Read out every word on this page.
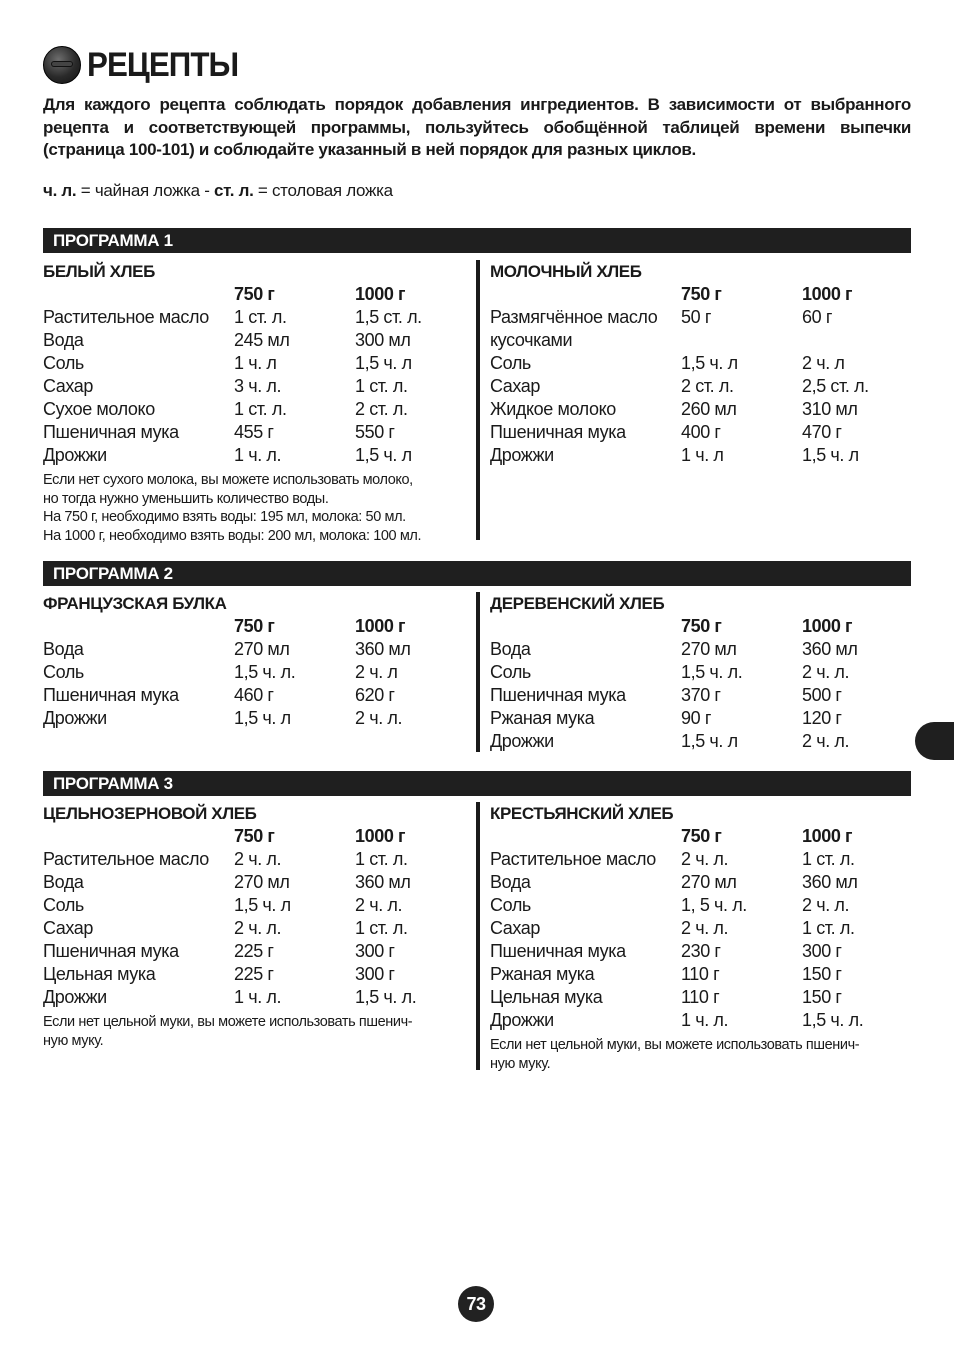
РЕЦЕПТЫ
Для каждого рецепта соблюдать порядок добавления ингредиентов. В зависимости от выбранного рецепта и соответствующей программы, пользуйтесь обобщённой таблицей времени выпечки (страница 100-101) и соблюдайте указанный в ней порядок для разных циклов.
ч. л. = чайная ложка - ст. л. = столовая ложка
ПРОГРАММА 1
БЕЛЫЙ ХЛЕБ
750 г	1000 г
Растительное масло	1 ст. л.	1,5 ст. л.
Вода	245 мл	300 мл
Соль	1 ч. л	1,5 ч. л
Сахар	3 ч. л.	1 ст. л.
Сухое молоко	1 ст. л.	2 ст. л.
Пшеничная мука	455 г	550 г
Дрожжи	1 ч. л.	1,5 ч. л
Если нет сухого молока, вы можете использовать молоко,
но тогда нужно уменьшить количество воды.
На 750 г, необходимо взять воды: 195 мл, молока: 50 мл.
На 1000 г, необходимо взять воды: 200 мл, молока: 100 мл.
МОЛОЧНЫЙ ХЛЕБ
750 г	1000 г
Размягчённое масло	50 г	60 г
кусочками
Соль	1,5 ч. л	2 ч. л
Сахар	2 ст. л.	2,5 ст. л.
Жидкое молоко	260 мл	310 мл
Пшеничная мука	400 г	470 г
Дрожжи	1 ч. л	1,5 ч. л
ПРОГРАММА 2
ФРАНЦУЗСКАЯ БУЛКА
750 г	1000 г
Вода	270 мл	360 мл
Соль	1,5 ч. л.	2 ч. л
Пшеничная мука	460 г	620 г
Дрожжи	1,5 ч. л	2 ч. л.
ДЕРЕВЕНСКИЙ ХЛЕБ
750 г	1000 г
Вода	270 мл	360 мл
Соль	1,5 ч. л.	2 ч. л.
Пшеничная мука	370 г	500 г
Ржаная мука	90 г	120 г
Дрожжи	1,5 ч. л	2 ч. л.
ПРОГРАММА 3
ЦЕЛЬНОЗЕРНОВОЙ ХЛЕБ
750 г	1000 г
Растительное масло	2 ч. л.	1 ст. л.
Вода	270 мл	360 мл
Соль	1,5 ч. л	2 ч. л.
Сахар	2 ч. л.	1 ст. л.
Пшеничная мука	225 г	300 г
Цельная мука	225 г	300 г
Дрожжи	1 ч. л.	1,5 ч. л.
Если нет цельной муки, вы можете использовать пшенич-
ную муку.
КРЕСТЬЯНСКИЙ ХЛЕБ
750 г	1000 г
Растительное масло	2 ч. л.	1 ст. л.
Вода	270 мл	360 мл
Соль	1, 5 ч. л.	2 ч. л.
Сахар	2 ч. л.	1 ст. л.
Пшеничная мука	230 г	300 г
Ржаная мука	110 г	150 г
Цельная мука	110 г	150 г
Дрожжи	1 ч. л.	1,5 ч. л.
Если нет цельной муки, вы можете использовать пшенич-
ную муку.
73
